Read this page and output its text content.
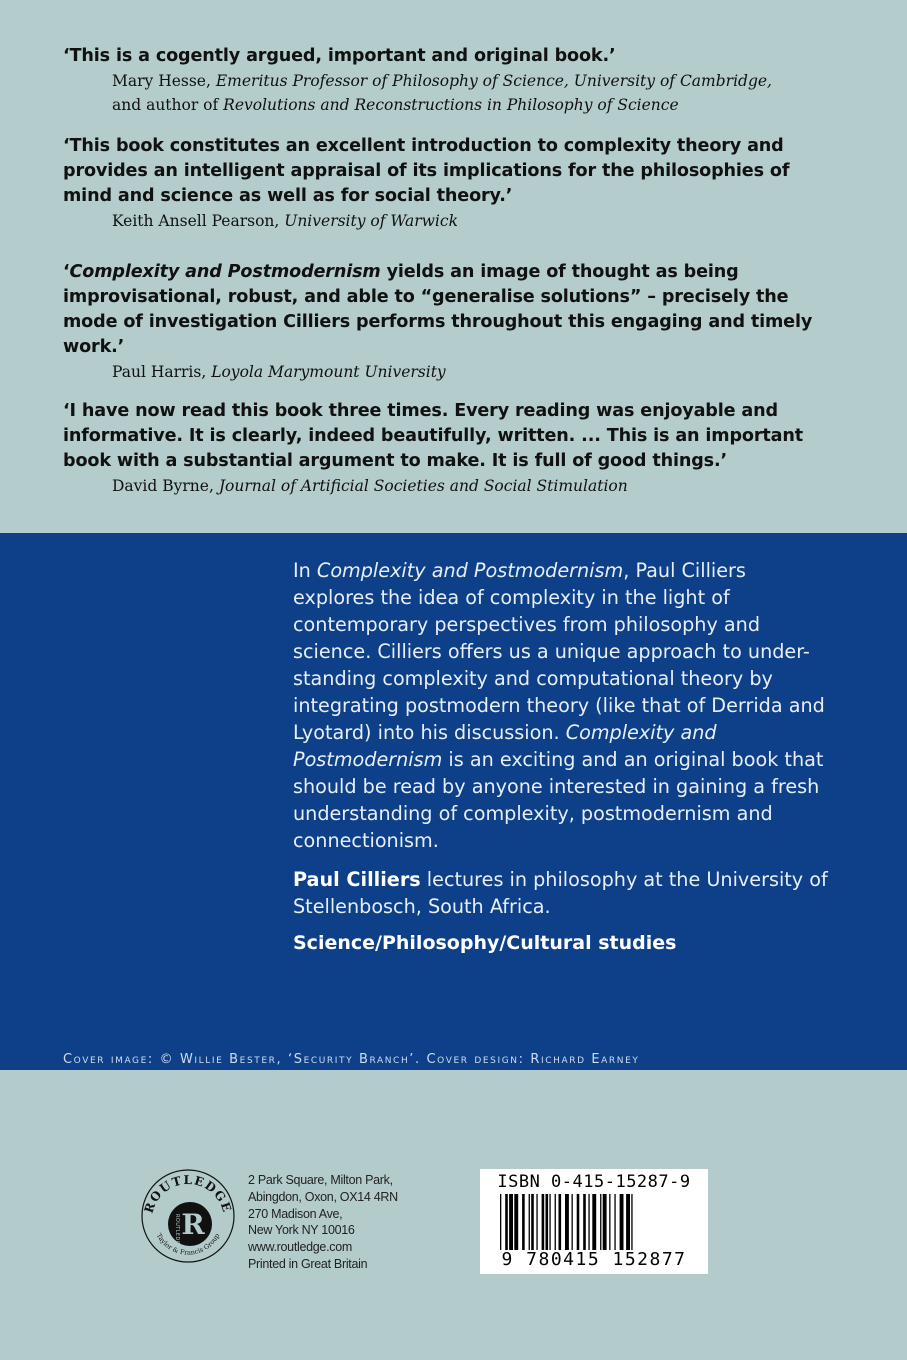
‘This is a cogently argued, important and original book.’

Mary Hesse, Emeritus Professor of Philosophy of Science, University of Cambridge,
and author of Revolutions and Reconstructions in Philosophy of Science

‘This book constitutes an excellent introduction to complexity theory and provides an intelligent appraisal of its implications for the philosophies of mind and science as well as for social theory.’

Keith Ansell Pearson, University of Warwick

‘Complexity and Postmodernism yields an image of thought as being improvisational, robust, and able to “generalise solutions” – precisely the mode of investigation Cilliers performs throughout this engaging and timely work.’

Paul Harris, Loyola Marymount University

‘I have now read this book three times. Every reading was enjoyable and informative. It is clearly, indeed beautifully, written. ... This is an important book with a substantial argument to make. It is full of good things.’

David Byrne, Journal of Artificial Societies and Social Stimulation

In Complexity and Postmodernism, Paul Cilliers explores the idea of complexity in the light of contemporary perspectives from philosophy and science. Cilliers offers us a unique approach to under-standing complexity and computational theory by integrating postmodern theory (like that of Derrida and Lyotard) into his discussion. Complexity and Postmodernism is an exciting and an original book that should be read by anyone interested in gaining a fresh understanding of complexity, postmodernism and connectionism.

Paul Cilliers lectures in philosophy at the University of Stellenbosch, South Africa.

Science/Philosophy/Cultural studies

Cover image: © Willie Bester, ‘Security Branch’. Cover design: Richard Earney
ROUTLEDGE
Taylor & Francis Group
R
ROUTLEDGE
2 Park Square, Milton Park,
Abingdon, Oxon, OX14 4RN
270 Madison Ave,
New York NY 10016
www.routledge.com
Printed in Great Britain
ISBN 0-415-15287-9
9 780415 152877
